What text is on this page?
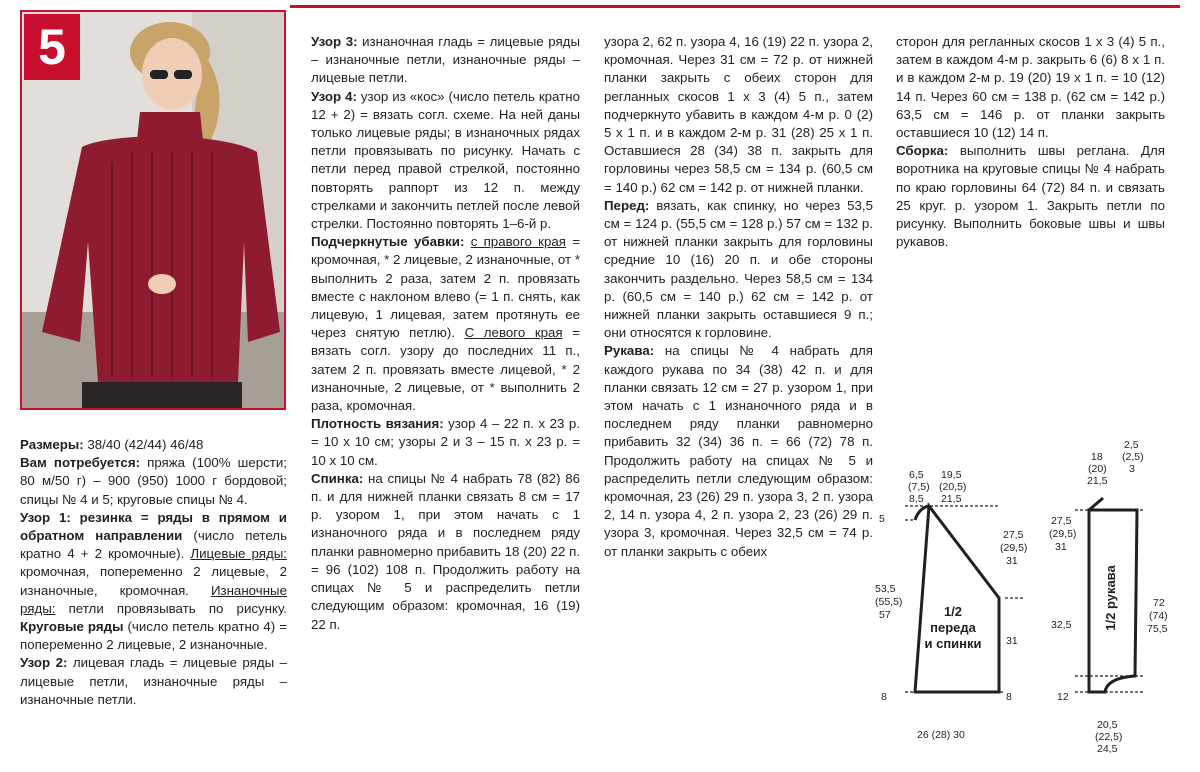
5

Размеры: 38/40 (42/44) 46/48

Вам потребуется: пряжа (100% шерсти; 80 м/50 г) – 900 (950) 1000 г бордовой; спицы № 4 и 5; круговые спицы № 4.

Узор 1: резинка = ряды в прямом и обратном направлении (число петель кратно 4 + 2 кромочные). Лицевые ряды: кромочная, попеременно 2 лицевые, 2 изнаночные, кромочная. Изнаночные ряды: петли провязывать по рисунку. Круговые ряды (число петель кратно 4) = попеременно 2 лицевые, 2 изнаночные.

Узор 2: лицевая гладь = лицевые ряды – лицевые петли, изнаночные ряды – изнаночные петли.

Узор 3: изнаночная гладь = лицевые ряды – изнаночные петли, изнаночные ряды – лицевые петли.

Узор 4: узор из «кос» (число петель кратно 12 + 2) = вязать согл. схеме. На ней даны только лицевые ряды; в изнаночных рядах петли провязывать по рисунку. Начать с петли перед правой стрелкой, постоянно повторять раппорт из 12 п. между стрелками и закончить петлей после левой стрелки. Постоянно повторять 1–6-й р.

Подчеркнутые убавки: с правого края = кромочная, * 2 лицевые, 2 изнаночные, от * выполнить 2 раза, затем 2 п. провязать вместе с наклоном влево (= 1 п. снять, как лицевую, 1 лицевая, затем протянуть ее через снятую петлю). С левого края = вязать согл. узору до последних 11 п., затем 2 п. провязать вместе лицевой, * 2 изнаночные, 2 лицевые, от * выполнить 2 раза, кромочная.

Плотность вязания: узор 4 – 22 п. х 23 р. = 10 х 10 см; узоры 2 и 3 – 15 п. х 23 р. = 10 х 10 см.

Спинка: на спицы № 4 набрать 78 (82) 86 п. и для нижней планки связать 8 см = 17 р. узором 1, при этом начать с 1 изнаночного ряда и в последнем ряду планки равномерно прибавить 18 (20) 22 п. = 96 (102) 108 п. Продолжить работу на спицах № 5 и распределить петли следующим образом: кромочная, 16 (19) 22 п.

узора 2, 62 п. узора 4, 16 (19) 22 п. узора 2, кромочная. Через 31 см = 72 р. от нижней планки закрыть с обеих сторон для регланных скосов 1 х 3 (4) 5 п., затем подчеркнуто убавить в каждом 4-м р. 0 (2) 5 х 1 п. и в каждом 2-м р. 31 (28) 25 х 1 п. Оставшиеся 28 (34) 38 п. закрыть для горловины через 58,5 см = 134 р. (60,5 см = 140 р.) 62 см = 142 р. от нижней планки.

Перед: вязать, как спинку, но через 53,5 см = 124 р. (55,5 см = 128 р.) 57 см = 132 р. от нижней планки закрыть для горловины средние 10 (16) 20 п. и обе стороны закончить раздельно. Через 58,5 см = 134 р. (60,5 см = 140 р.) 62 см = 142 р. от нижней планки закрыть оставшиеся 9 п.; они относятся к горловине.

Рукава: на спицы № 4 набрать для каждого рукава по 34 (38) 42 п. и для планки связать 12 см = 27 р. узором 1, при этом начать с 1 изнаночного ряда и в последнем ряду планки равномерно прибавить 32 (34) 36 п. = 66 (72) 78 п. Продолжить работу на спицах № 5 и распределить петли следующим образом: кромочная, 23 (26) 29 п. узора 3, 2 п. узора 2, 14 п. узора 4, 2 п. узора 2, 23 (26) 29 п. узора 3, кромочная. Через 32,5 см = 74 р. от планки закрыть с обеих

сторон для регланных скосов 1 х 3 (4) 5 п., затем в каждом 4-м р. закрыть 6 (6) 8 х 1 п. и в каждом 2-м р. 19 (20) 19 х 1 п. = 10 (12) 14 п. Через 60 см = 138 р. (62 см = 142 р.) 63,5 см = 146 р. от планки закрыть оставшиеся 10 (12) 14 п.

Сборка: выполнить швы реглана. Для воротника на круговые спицы № 4 набрать по краю горловины 64 (72) 84 п. и связать 25 круг. р. узором 1. Закрыть петли по рисунку. Выполнить боковые швы и швы рукавов.

6,5
(7,5)
8,5
19,5
(20,5)
21,5
5
53,5
(55,5)
57
8
27,5
(29,5)
31
31
8
26 (28) 30
18
(20)
21,5
2,5
(2,5)
3
27,5
(29,5)
31
32,5
12
72
(74)
75,5
20,5
(22,5)
24,5
1/2
переда
и спинки
1/2 рукава
